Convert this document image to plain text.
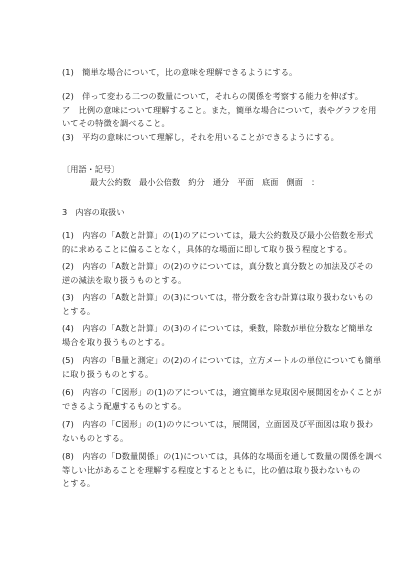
(1)　簡単な場合について，比の意味を理解できるようにする。
(2)　伴って変わる二つの数量について，それらの関係を考察する能力を伸ばす。
ア　比例の意味について理解すること。また，簡単な場合について，表やグラフを用
いてその特徴を調べること。
(3)　平均の意味について理解し，それを用いることができるようにする。
〔用語・記号〕
最大公約数　最小公倍数　約分　通分　平面　底面　側面　：
3　内容の取扱い
(1)　内容の「A数と計算」の(1)のアについては，最大公約数及び最小公倍数を形式
的に求めることに偏ることなく，具体的な場面に即して取り扱う程度とする。
(2)　内容の「A数と計算」の(2)のウについては，真分数と真分数との加法及びその
逆の減法を取り扱うものとする。
(3)　内容の「A数と計算」の(3)については，帯分数を含む計算は取り扱わないもの
とする。
(4)　内容の「A数と計算」の(3)のイについては，乗数，除数が単位分数など簡単な
場合を取り扱うものとする。
(5)　内容の「B量と測定」の(2)のイについては，立方メートルの単位についても簡単
に取り扱うものとする。
(6)　内容の「C図形」の(1)のアについては，適宜簡単な見取図や展開図をかくことが
できるよう配慮するものとする。
(7)　内容の「C図形」の(1)のウについては，展開図，立面図及び平面図は取り扱わ
ないものとする。
(8)　内容の「D数量関係」の(1)については，具体的な場面を通して数量の関係を調べ
等しい比があることを理解する程度とするとともに，比の値は取り扱わないもの
とする。
